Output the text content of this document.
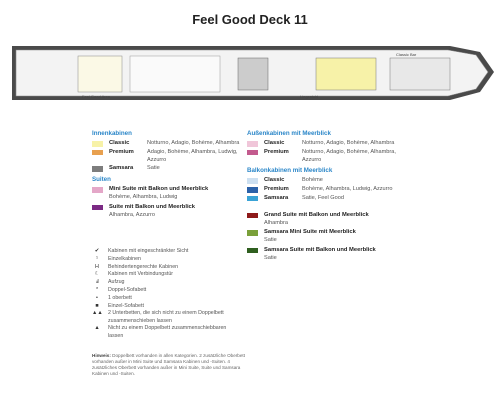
Feel Good Deck 11
Classic Bar
Liegestuhl
Feel Good Area
Innenkabinen
Classic	Notturno, Adagio, Bohème, Alhambra
Premium	Adagio, Bohème, Alhambra, Ludwig, Azzurro
Samsara	Satie
Suiten
Mini Suite mit Balkon und Meerblick
Bohème, Alhambra, Ludwig
Suite mit Balkon und Meerblick
Alhambra, Azzurro
Außenkabinen mit Meerblick
Classic	Notturno, Adagio, Bohème, Alhambra
Premium	Notturno, Adagio, Bohème, Alhambra, Azzurro
Balkonkabinen mit Meerblick
Classic	Bohème
Premium	Bohème, Alhambra, Ludwig, Azzurro
Samsara	Satie, Feel Good
Grand Suite mit Balkon und Meerblick
Alhambra
Samsara Mini Suite mit Meerblick
Satie
Samsara Suite mit Balkon und Meerblick
Satie
✔	Kabinen mit eingeschränkter Sicht
¹	Einzelkabinen
H	Behindertengerechte Kabinen
☾	Kabinen mit Verbindungstür
Ⅎ	Aufzug
*	Doppel-Sofabett
•	1 oberbett
■	Einzel-Sofabett
▲▲ 2 Unterbetten, die sich nicht zu einem Doppelbett zusammenschieben lassen
▲	Nicht zu einem Doppelbett zusammenschiebbaren lassen
Hinweis: Doppelbett vorhanden in allen Kategorien. 2 zusätzliche Oberbett vorhanden außer in Mini Suite und Samsara Kabinen und -Suiten. 4 zusätzliches Oberbett vorhanden außer in Mini Suite, Suite und Samsara Kabinen und -Suiten.
